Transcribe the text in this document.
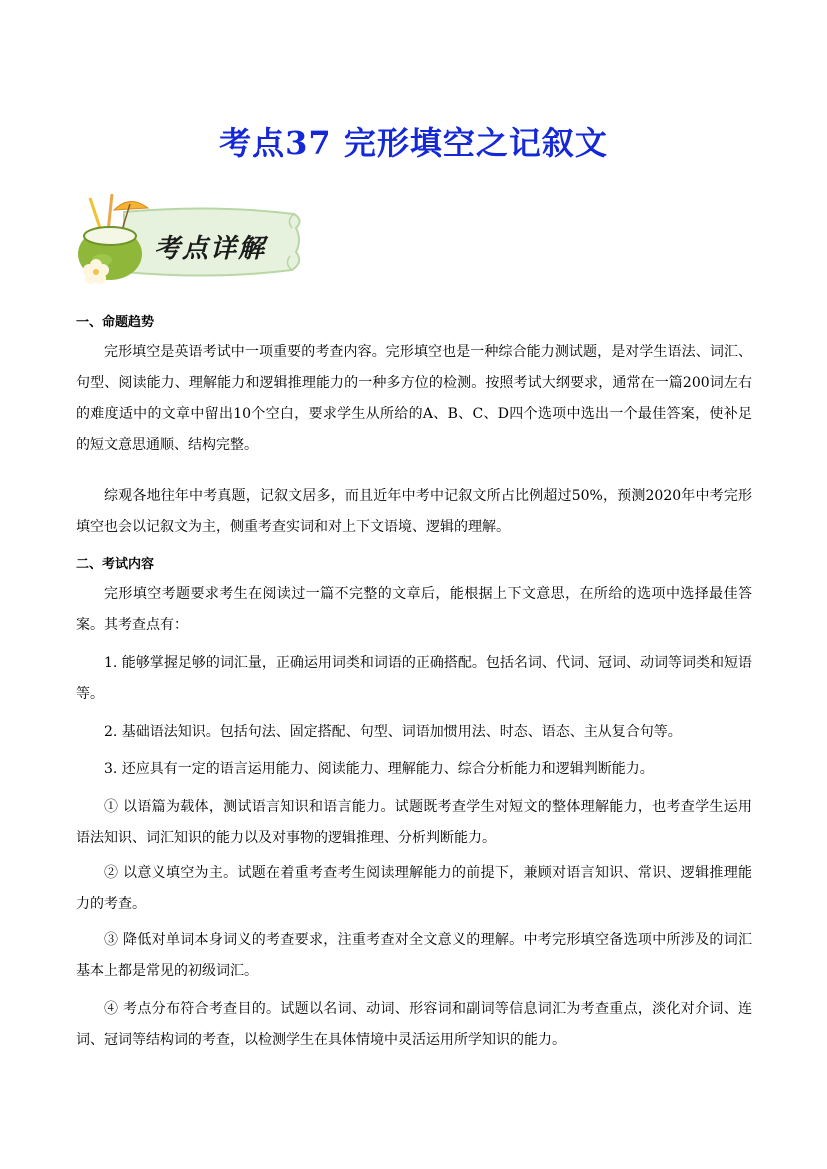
考点37 完形填空之记叙文
考点详解
一、命题趋势
完形填空是英语考试中一项重要的考查内容。完形填空也是一种综合能力测试题，是对学生语法、词汇、句型、阅读能力、理解能力和逻辑推理能力的一种多方位的检测。按照考试大纲要求，通常在一篇200词左右的难度适中的文章中留出10个空白，要求学生从所给的A、B、C、D四个选项中选出一个最佳答案，使补足的短文意思通顺、结构完整。
综观各地往年中考真题，记叙文居多，而且近年中考中记叙文所占比例超过50%，预测2020年中考完形填空也会以记叙文为主，侧重考查实词和对上下文语境、逻辑的理解。
二、考试内容
完形填空考题要求考生在阅读过一篇不完整的文章后，能根据上下文意思，在所给的选项中选择最佳答案。其考查点有：
1. 能够掌握足够的词汇量，正确运用词类和词语的正确搭配。包括名词、代词、冠词、动词等词类和短语等。
2. 基础语法知识。包括句法、固定搭配、句型、词语加惯用法、时态、语态、主从复合句等。
3. 还应具有一定的语言运用能力、阅读能力、理解能力、综合分析能力和逻辑判断能力。
① 以语篇为载体，测试语言知识和语言能力。试题既考查学生对短文的整体理解能力，也考查学生运用语法知识、词汇知识的能力以及对事物的逻辑推理、分析判断能力。
② 以意义填空为主。试题在着重考查考生阅读理解能力的前提下，兼顾对语言知识、常识、逻辑推理能力的考查。
③ 降低对单词本身词义的考查要求，注重考查对全文意义的理解。中考完形填空备选项中所涉及的词汇基本上都是常见的初级词汇。
④ 考点分布符合考查目的。试题以名词、动词、形容词和副词等信息词汇为考查重点，淡化对介词、连词、冠词等结构词的考查，以检测学生在具体情境中灵活运用所学知识的能力。
